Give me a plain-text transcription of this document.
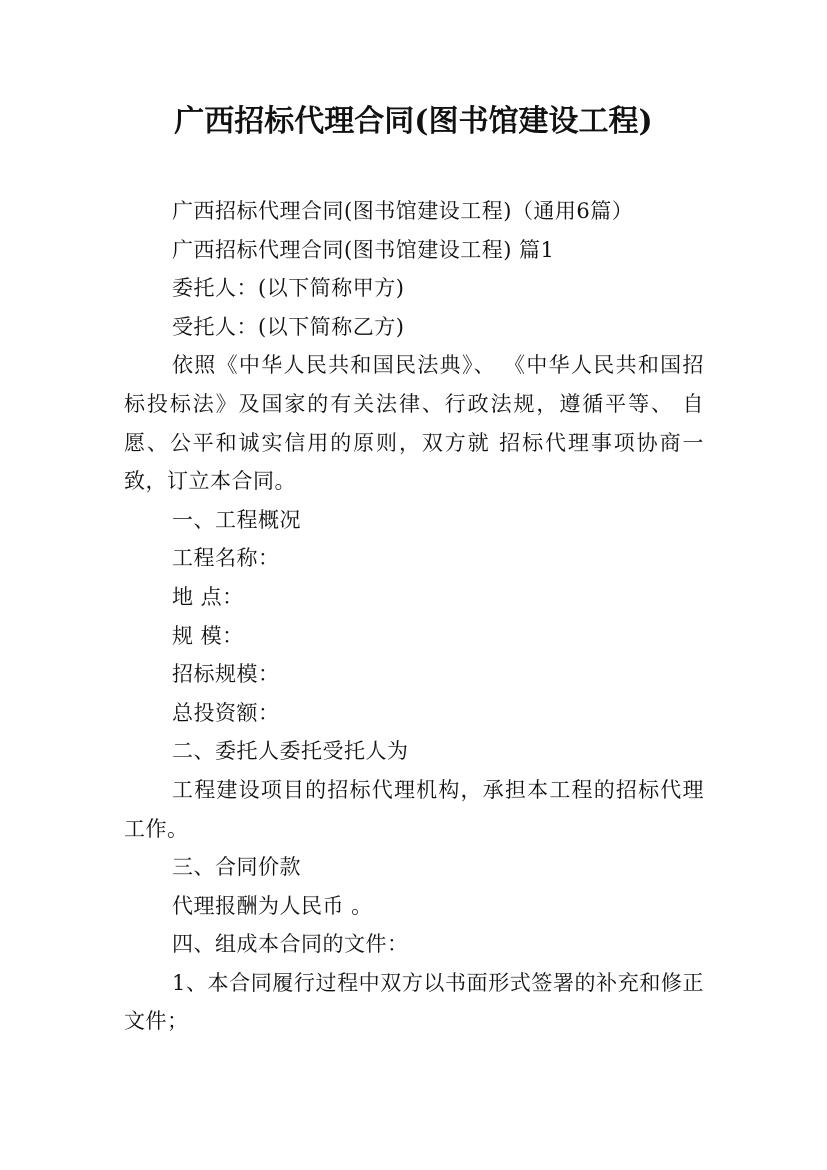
广西招标代理合同(图书馆建设工程)

广西招标代理合同(图书馆建设工程)（通用6篇）

广西招标代理合同(图书馆建设工程) 篇1

委托人：(以下简称甲方)

受托人：(以下简称乙方)

依照《中华人民共和国民法典》、 《中华人民共和国招标投标法》及国家的有关法律、行政法规，遵循平等、 自愿、公平和诚实信用的原则，双方就 招标代理事项协商一致，订立本合同。

一、工程概况

工程名称：

地 点：

规 模：

招标规模：

总投资额：

二、委托人委托受托人为

工程建设项目的招标代理机构，承担本工程的招标代理工作。

三、合同价款

代理报酬为人民币 。

四、组成本合同的文件：

1、本合同履行过程中双方以书面形式签署的补充和修正文件；
